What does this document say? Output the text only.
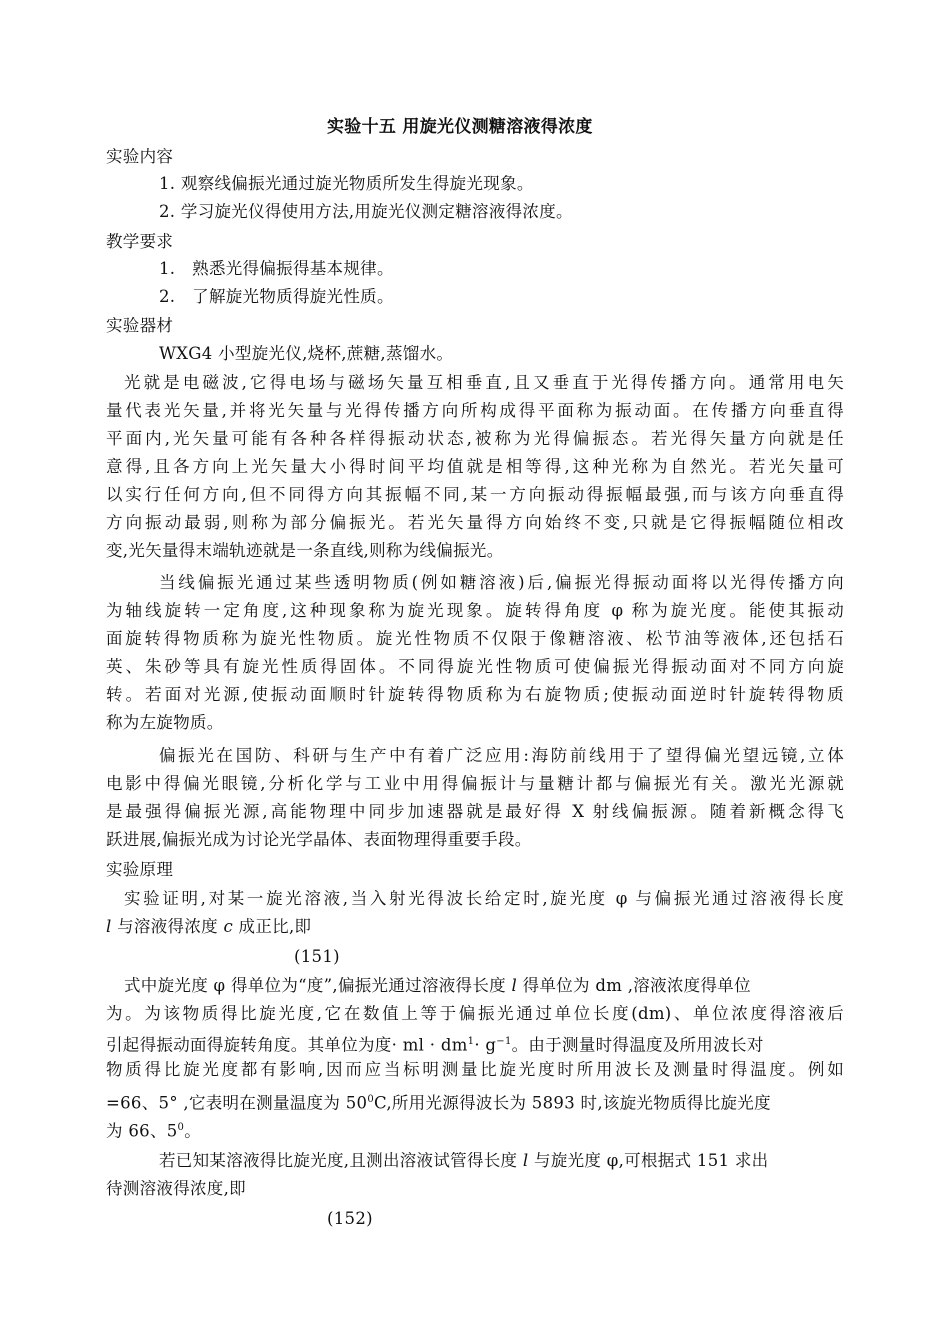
实验十五 用旋光仪测糖溶液得浓度

实验内容

1. 观察线偏振光通过旋光物质所发生得旋光现象。

2. 学习旋光仪得使用方法,用旋光仪测定糖溶液得浓度。

教学要求

1.　熟悉光得偏振得基本规律。

2.　了解旋光物质得旋光性质。

实验器材

WXG4 小型旋光仪,烧杯,蔗糖,蒸馏水。

光就是电磁波,它得电场与磁场矢量互相垂直,且又垂直于光得传播方向。通常用电矢

量代表光矢量,并将光矢量与光得传播方向所构成得平面称为振动面。在传播方向垂直得

平面内,光矢量可能有各种各样得振动状态,被称为光得偏振态。若光得矢量方向就是任

意得,且各方向上光矢量大小得时间平均值就是相等得,这种光称为自然光。若光矢量可

以实行任何方向,但不同得方向其振幅不同,某一方向振动得振幅最强,而与该方向垂直得

方向振动最弱,则称为部分偏振光。若光矢量得方向始终不变,只就是它得振幅随位相改

变,光矢量得末端轨迹就是一条直线,则称为线偏振光。

当线偏振光通过某些透明物质(例如糖溶液)后,偏振光得振动面将以光得传播方向

为轴线旋转一定角度,这种现象称为旋光现象。旋转得角度 φ 称为旋光度。能使其振动

面旋转得物质称为旋光性物质。旋光性物质不仅限于像糖溶液、松节油等液体,还包括石

英、朱砂等具有旋光性质得固体。不同得旋光性物质可使偏振光得振动面对不同方向旋

转。若面对光源,使振动面顺时针旋转得物质称为右旋物质;使振动面逆时针旋转得物质

称为左旋物质。

偏振光在国防、科研与生产中有着广泛应用:海防前线用于了望得偏光望远镜,立体

电影中得偏光眼镜,分析化学与工业中用得偏振计与量糖计都与偏振光有关。激光光源就

是最强得偏振光源,高能物理中同步加速器就是最好得 X 射线偏振源。随着新概念得飞

跃进展,偏振光成为讨论光学晶体、表面物理得重要手段。

实验原理

实验证明,对某一旋光溶液,当入射光得波长给定时,旋光度 φ 与偏振光通过溶液得长度

l 与溶液得浓度 c 成正比,即

(151)

式中旋光度 φ 得单位为“度”,偏振光通过溶液得长度 l 得单位为 dm ,溶液浓度得单位

为。为该物质得比旋光度,它在数值上等于偏振光通过单位长度(dm)、单位浓度得溶液后

引起得振动面得旋转角度。其单位为度· ml · $dm^1\cdot g^{-1}$。由于测量时得温度及所用波长对

物质得比旋光度都有影响,因而应当标明测量比旋光度时所用波长及测量时得温度。例如

=66、5° ,它表明在测量温度为 $50^0C$,所用光源得波长为 5893 时,该旋光物质得比旋光度

为 66、$5^0$。

若已知某溶液得比旋光度,且测出溶液试管得长度 l 与旋光度 φ,可根据式 151 求出

待测溶液得浓度,即

(152)
